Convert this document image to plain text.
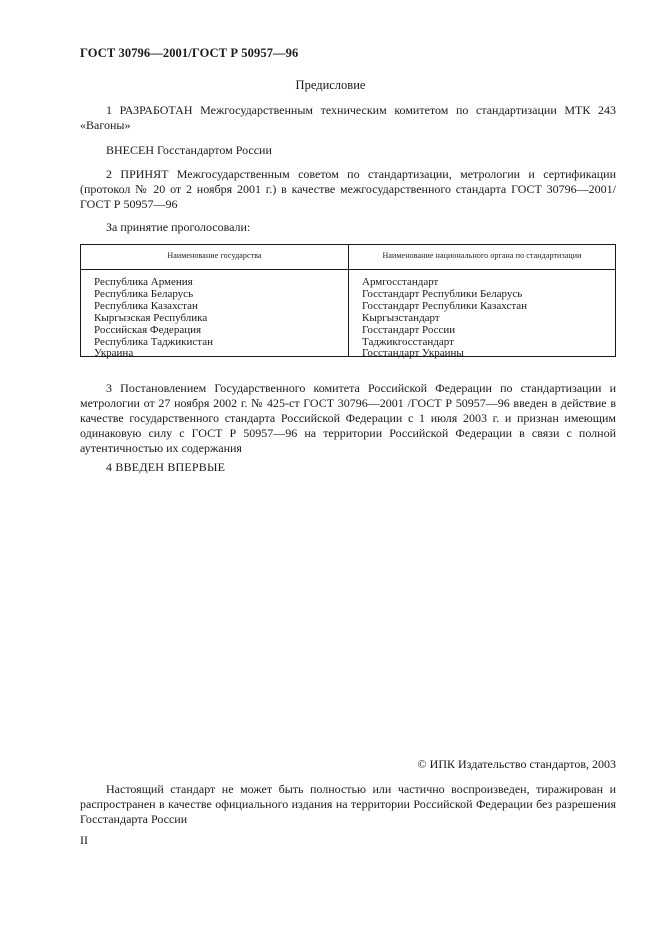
ГОСТ 30796—2001/ГОСТ Р 50957—96
Предисловие
1 РАЗРАБОТАН Межгосударственным техническим комитетом по стандартизации МТК 243 «Вагоны»
ВНЕСЕН Госстандартом России
2 ПРИНЯТ Межгосударственным советом по стандартизации, метрологии и сертификации (протокол № 20 от 2 ноября 2001 г.) в качестве межгосударственного стандарта ГОСТ 30796—2001/ГОСТ Р 50957—96
За принятие проголосовали:
Наименование государства	Наименование национального органа по стандартизации
Республика Армения
Республика Беларусь
Республика Казахстан
Кыргызская Республика
Российская Федерация
Республика Таджикистан
Украина
Армгосстандарт
Госстандарт Республики Беларусь
Госстандарт Республики Казахстан
Кыргызстандарт
Госстандарт России
Таджикгосстандарт
Госстандарт Украины
3 Постановлением Государственного комитета Российской Федерации по стандартизации и метрологии от 27 ноября 2002 г. № 425-ст ГОСТ 30796—2001 /ГОСТ Р 50957—96 введен в действие в качестве государственного стандарта Российской Федерации с 1 июля 2003 г. и признан имеющим одинаковую силу с ГОСТ Р 50957—96 на территории Российской Федерации в связи с полной аутентичностью их содержания
4 ВВЕДЕН ВПЕРВЫЕ
© ИПК Издательство стандартов, 2003
Настоящий стандарт не может быть полностью или частично воспроизведен, тиражирован и распространен в качестве официального издания на территории Российской Федерации без разрешения Госстандарта России
II
